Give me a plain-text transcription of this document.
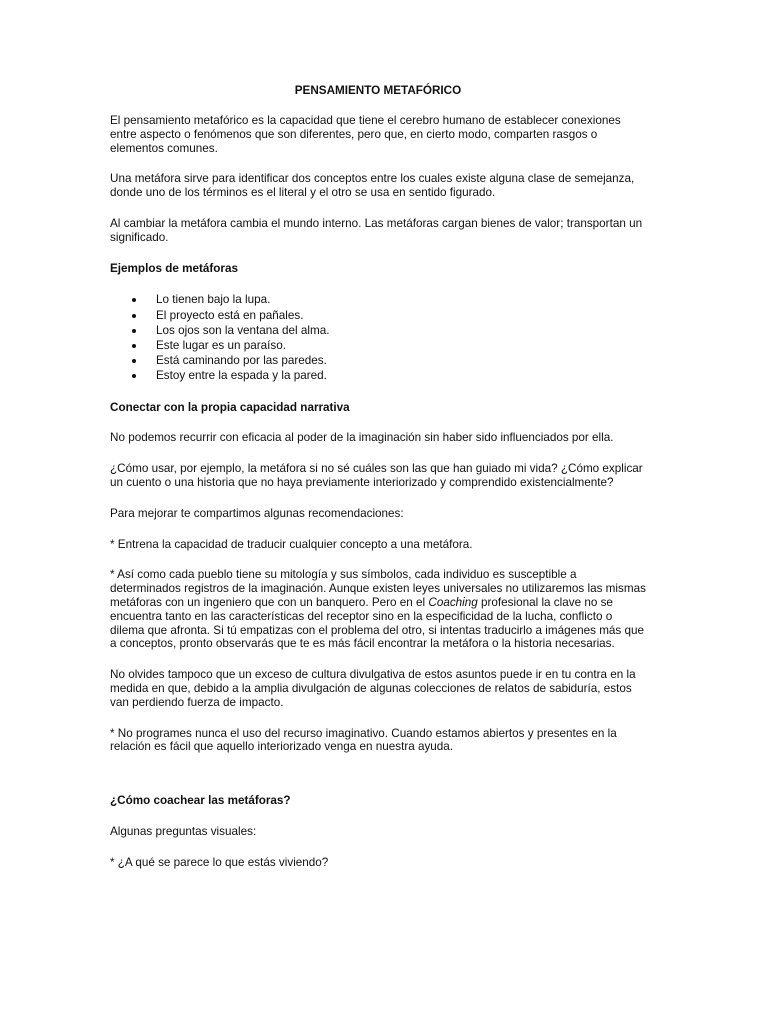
PENSAMIENTO METAFÓRICO

El pensamiento metafórico es la capacidad que tiene el cerebro humano de establecer conexiones entre aspecto o fenómenos que son diferentes, pero que, en cierto modo, comparten rasgos o elementos comunes.

Una metáfora sirve para identificar dos conceptos entre los cuales existe alguna clase de semejanza, donde uno de los términos es el literal y el otro se usa en sentido figurado.

Al cambiar la metáfora cambia el mundo interno. Las metáforas cargan bienes de valor; transportan un significado.

Ejemplos de metáforas
Lo tienen bajo la lupa.
El proyecto está en pañales.
Los ojos son la ventana del alma.
Este lugar es un paraíso.
Está caminando por las paredes.
Estoy entre la espada y la pared.
Conectar con la propia capacidad narrativa

No podemos recurrir con eficacia al poder de la imaginación sin haber sido influenciados por ella.

¿Cómo usar, por ejemplo, la metáfora si no sé cuáles son las que han guiado mi vida? ¿Cómo explicar un cuento o una historia que no haya previamente interiorizado y comprendido existencialmente?

Para mejorar te compartimos algunas recomendaciones:

* Entrena la capacidad de traducir cualquier concepto a una metáfora.

* Así como cada pueblo tiene su mitología y sus símbolos, cada individuo es susceptible a determinados registros de la imaginación. Aunque existen leyes universales no utilizaremos las mismas metáforas con un ingeniero que con un banquero. Pero en el Coaching profesional la clave no se encuentra tanto en las características del receptor sino en la especificidad de la lucha, conflicto o dilema que afronta. Si tú empatizas con el problema del otro, si intentas traducirlo a imágenes más que a conceptos, pronto observarás que te es más fácil encontrar la metáfora o la historia necesarias.

No olvides tampoco que un exceso de cultura divulgativa de estos asuntos puede ir en tu contra en la medida en que, debido a la amplia divulgación de algunas colecciones de relatos de sabiduría, estos van perdiendo fuerza de impacto.

* No programes nunca el uso del recurso imaginativo. Cuando estamos abiertos y presentes en la relación es fácil que aquello interiorizado venga en nuestra ayuda.

¿Cómo coachear las metáforas?

Algunas preguntas visuales:

* ¿A qué se parece lo que estás viviendo?
